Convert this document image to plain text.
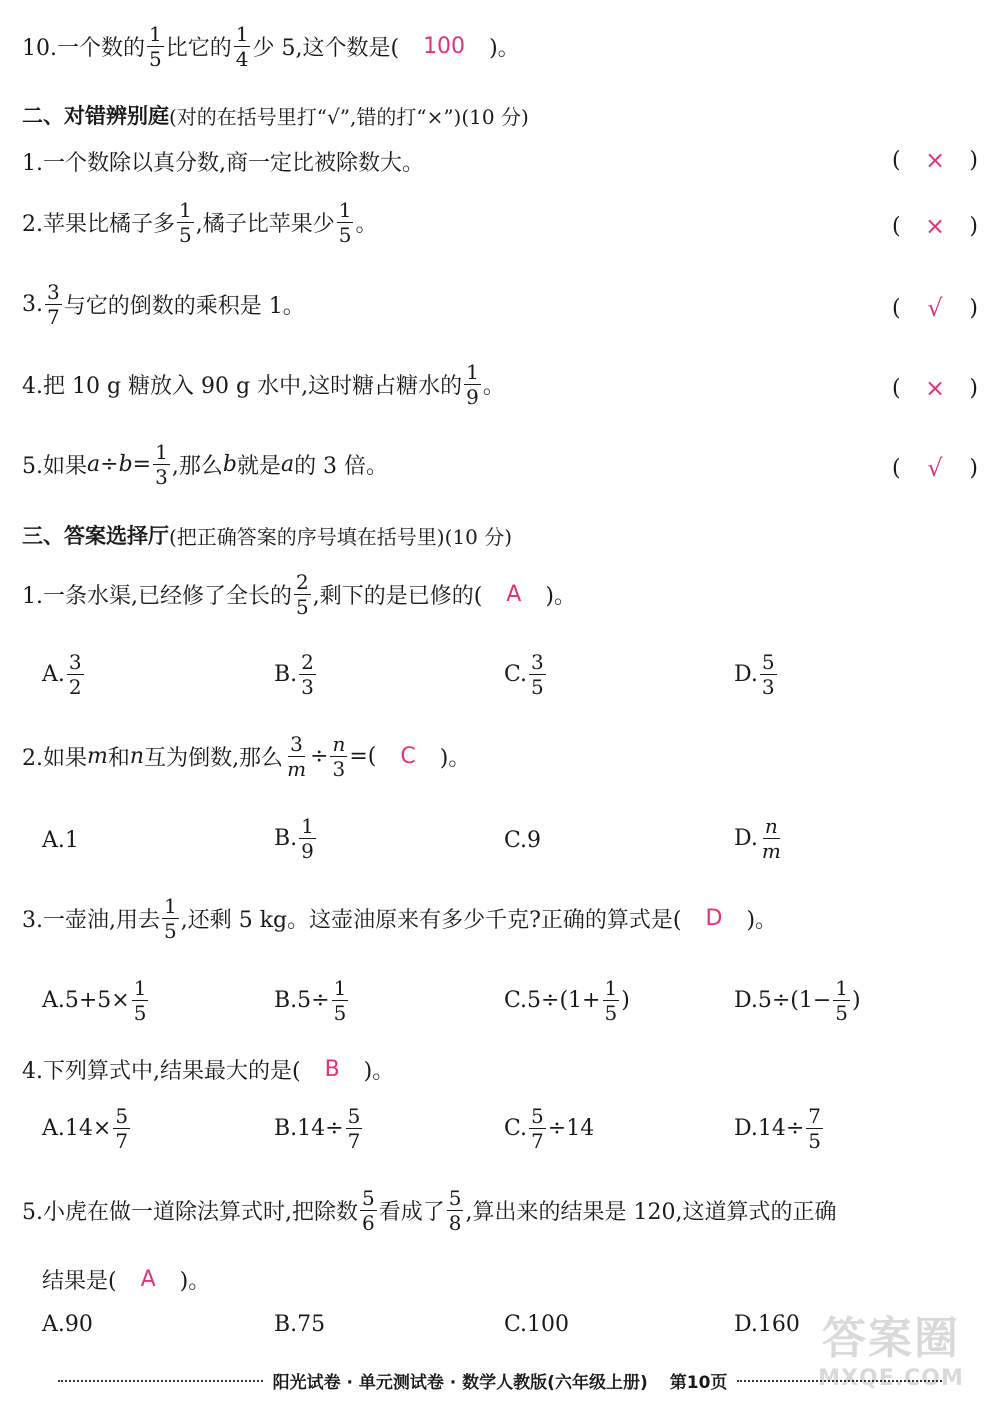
10.一个数的 $\frac{1}{5}$ 比它的 $\frac{1}{4}$ 少 5,这个数是( 100 )。
二、对错辨别庭 (对的在括号里打“√”,错的打“×”)(10 分)
1.一个数除以真分数,商一定比被除数大。	( × )
2.苹果比橘子多 $\frac{1}{5}$ ,橘子比苹果少 $\frac{1}{5}$ 。	( × )
3. $\frac{3}{7}$ 与它的倒数的乘积是 1。	( √ )
4.把 10 g 糖放入 90 g 水中,这时糖占糖水的 $\frac{1}{9}$ 。	( × )
5.如果 $a \div b = \frac{1}{3}$ ,那么 b 就是 a 的 3 倍。	( √ )
三、答案选择厅 (把正确答案的序号填在括号里)(10 分)
1.一条水渠,已经修了全长的 $\frac{2}{5}$ ,剩下的是已修的( A )。
A. $\frac{3}{2}$	B. $\frac{2}{3}$	C. $\frac{3}{5}$	D. $\frac{5}{3}$
2.如果 m 和 n 互为倒数,那么 $\frac{3}{m} \div \frac{n}{3}$ =( C )。
A.1	B. $\frac{1}{9}$	C.9	D. $\frac{n}{m}$
3.一壶油,用去 $\frac{1}{5}$ ,还剩 5 kg。这壶油原来有多少千克?正确的算式是( D )。
$A.5+5\times \frac{1}{5}$	$B.5\div \frac{1}{5}$	$C.5\div(1+ \frac{1}{5}$ )	$D.5\div(1- \frac{1}{5}$ )
4.下列算式中,结果最大的是( B )。
$A.14\times \frac{5}{7}$	$B.14\div \frac{5}{7}$	C. $\frac{5}{7} \div 14$	$D.14\div \frac{7}{5}$
5.小虎在做一道除法算式时,把除数 $\frac{5}{6}$ 看成了 $\frac{5}{8}$ ,算出来的结果是 120,这道算式的正确
结果是( A )。
A.90	B.75	C.100	D.160 答案圈
MXQE.COM
阳光试卷 · 单元测试卷 · 数学人教版(六年级上册) 第10页
